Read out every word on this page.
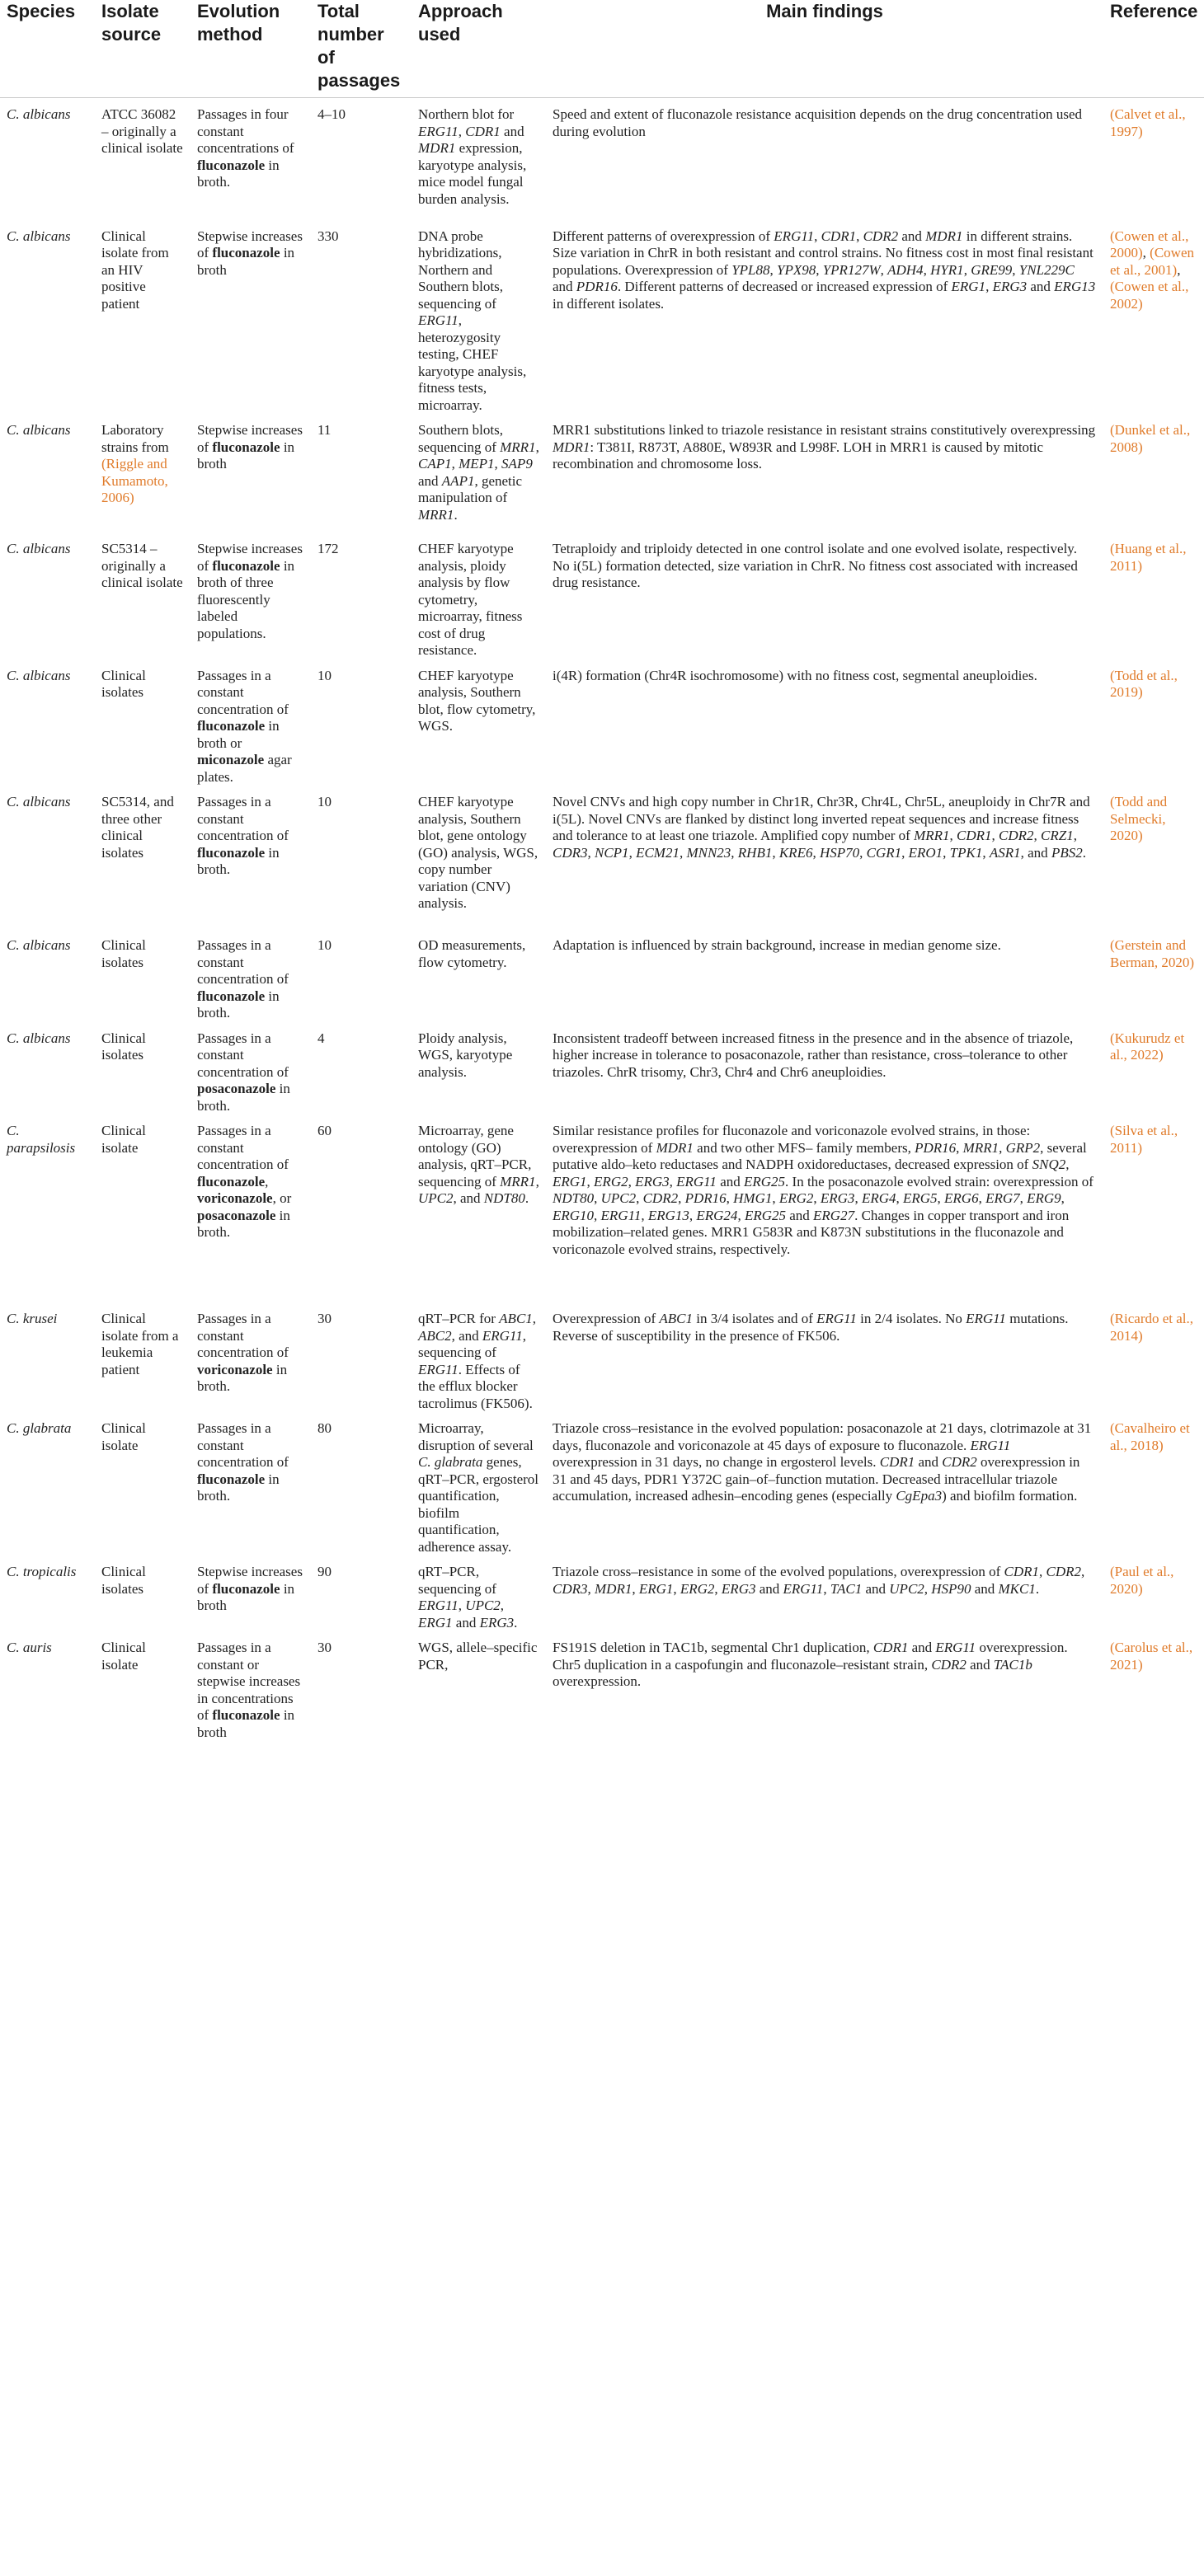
Species	Isolate source	Evolution method	Total number of passages	Approach used	Main findings	Reference
C. albicans	ATCC 36082 – originally a clinical isolate	Passages in four constant concentrations of fluconazole in broth.	4–10	Northern blot for ERG11, CDR1 and MDR1 expression, karyotype analysis, mice model fungal burden analysis.	Speed and extent of fluconazole resistance acquisition depends on the drug concentration used during evolution	(Calvet et al., 1997)
C. albicans	Clinical isolate from an HIV positive patient	Stepwise increases of fluconazole in broth	330	DNA probe hybridizations, Northern and Southern blots, sequencing of ERG11, heterozygosity testing, CHEF karyotype analysis, fitness tests, microarray.	Different patterns of overexpression of ERG11, CDR1, CDR2 and MDR1 in different strains. Size variation in ChrR in both resistant and control strains. No fitness cost in most final resistant populations. Overexpression of YPL88, YPX98, YPR127W, ADH4, HYR1, GRE99, YNL229C and PDR16. Different patterns of decreased or increased expression of ERG1, ERG3 and ERG13 in different isolates.	(Cowen et al., 2000), (Cowen et al., 2001), (Cowen et al., 2002)
C. albicans	Laboratory strains from (Riggle and Kumamoto, 2006)	Stepwise increases of fluconazole in broth	11	Southern blots, sequencing of MRR1, CAP1, MEP1, SAP9 and AAP1, genetic manipulation of MRR1.	MRR1 substitutions linked to triazole resistance in resistant strains constitutively overexpressing MDR1: T381I, R873T, A880E, W893R and L998F. LOH in MRR1 is caused by mitotic recombination and chromosome loss.	(Dunkel et al., 2008)
C. albicans	SC5314 – originally a clinical isolate	Stepwise increases of fluconazole in broth of three fluorescently labeled populations.	172	CHEF karyotype analysis, ploidy analysis by flow cytometry, microarray, fitness cost of drug resistance.	Tetraploidy and triploidy detected in one control isolate and one evolved isolate, respectively. No i(5L) formation detected, size variation in ChrR. No fitness cost associated with increased drug resistance.	(Huang et al., 2011)
C. albicans	Clinical isolates	Passages in a constant concentration of fluconazole in broth or miconazole agar plates.	10	CHEF karyotype analysis, Southern blot, flow cytometry, WGS.	i(4R) formation (Chr4R isochromosome) with no fitness cost, segmental aneuploidies.	(Todd et al., 2019)
C. albicans	SC5314, and three other clinical isolates	Passages in a constant concentration of fluconazole in broth.	10	CHEF karyotype analysis, Southern blot, gene ontology (GO) analysis, WGS, copy number variation (CNV) analysis.	Novel CNVs and high copy number in Chr1R, Chr3R, Chr4L, Chr5L, aneuploidy in Chr7R and i(5L). Novel CNVs are flanked by distinct long inverted repeat sequences and increase fitness and tolerance to at least one triazole. Amplified copy number of MRR1, CDR1, CDR2, CRZ1, CDR3, NCP1, ECM21, MNN23, RHB1, KRE6, HSP70, CGR1, ERO1, TPK1, ASR1, and PBS2.	(Todd and Selmecki, 2020)
C. albicans	Clinical isolates	Passages in a constant concentration of fluconazole in broth.	10	OD measurements, flow cytometry.	Adaptation is influenced by strain background, increase in median genome size.	(Gerstein and Berman, 2020)
C. albicans	Clinical isolates	Passages in a constant concentration of posaconazole in broth.	4	Ploidy analysis, WGS, karyotype analysis.	Inconsistent tradeoff between increased fitness in the presence and in the absence of triazole, higher increase in tolerance to posaconazole, rather than resistance, cross–tolerance to other triazoles. ChrR trisomy, Chr3, Chr4 and Chr6 aneuploidies.	(Kukurudz et al., 2022)
C. parapsilosis	Clinical isolate	Passages in a constant concentration of fluconazole, voriconazole, or posaconazole in broth.	60	Microarray, gene ontology (GO) analysis, qRT–PCR, sequencing of MRR1, UPC2, and NDT80.	Similar resistance profiles for fluconazole and voriconazole evolved strains, in those: overexpression of MDR1 and two other MFS– family members, PDR16, MRR1, GRP2, several putative aldo–keto reductases and NADPH oxidoreductases, decreased expression of SNQ2, ERG1, ERG2, ERG3, ERG11 and ERG25. In the posaconazole evolved strain: overexpression of NDT80, UPC2, CDR2, PDR16, HMG1, ERG2, ERG3, ERG4, ERG5, ERG6, ERG7, ERG9, ERG10, ERG11, ERG13, ERG24, ERG25 and ERG27. Changes in copper transport and iron mobilization–related genes. MRR1 G583R and K873N substitutions in the fluconazole and voriconazole evolved strains, respectively.	(Silva et al., 2011)
C. krusei	Clinical isolate from a leukemia patient	Passages in a constant concentration of voriconazole in broth.	30	qRT–PCR for ABC1, ABC2, and ERG11, sequencing of ERG11. Effects of the efflux blocker tacrolimus (FK506).	Overexpression of ABC1 in 3/4 isolates and of ERG11 in 2/4 isolates. No ERG11 mutations. Reverse of susceptibility in the presence of FK506.	(Ricardo et al., 2014)
C. glabrata	Clinical isolate	Passages in a constant concentration of fluconazole in broth.	80	Microarray, disruption of several C. glabrata genes, qRT–PCR, ergosterol quantification, biofilm quantification, adherence assay.	Triazole cross–resistance in the evolved population: posaconazole at 21 days, clotrimazole at 31 days, fluconazole and voriconazole at 45 days of exposure to fluconazole. ERG11 overexpression in 31 days, no change in ergosterol levels. CDR1 and CDR2 overexpression in 31 and 45 days, PDR1 Y372C gain–of–function mutation. Decreased intracellular triazole accumulation, increased adhesin–encoding genes (especially CgEpa3) and biofilm formation.	(Cavalheiro et al., 2018)
C. tropicalis	Clinical isolates	Stepwise increases of fluconazole in broth	90	qRT–PCR, sequencing of ERG11, UPC2, ERG1 and ERG3.	Triazole cross–resistance in some of the evolved populations, overexpression of CDR1, CDR2, CDR3, MDR1, ERG1, ERG2, ERG3 and ERG11, TAC1 and UPC2, HSP90 and MKC1.	(Paul et al., 2020)
C. auris	Clinical isolate	Passages in a constant or stepwise increases in concentrations of fluconazole in broth	30	WGS, allele–specific PCR,	FS191S deletion in TAC1b, segmental Chr1 duplication, CDR1 and ERG11 overexpression. Chr5 duplication in a caspofungin and fluconazole–resistant strain, CDR2 and TAC1b overexpression.	(Carolus et al., 2021)
